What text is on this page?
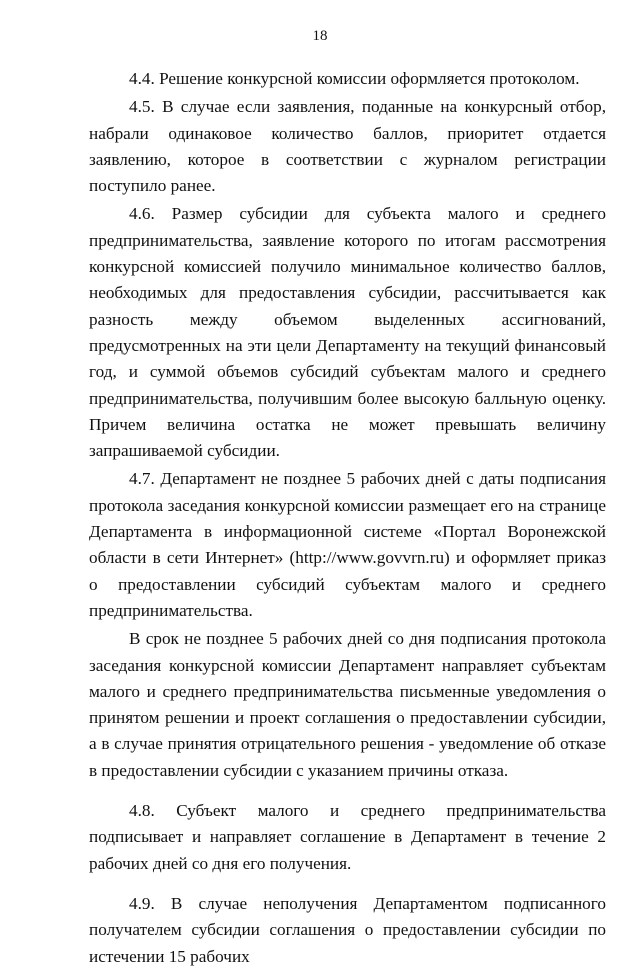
18

4.4. Решение конкурсной комиссии оформляется протоколом.

4.5. В случае если заявления, поданные на конкурсный отбор, набрали одинаковое количество баллов, приоритет отдается заявлению, которое в соответствии с журналом регистрации поступило ранее.

4.6. Размер субсидии для субъекта малого и среднего предпринимательства, заявление которого по итогам рассмотрения конкурсной комиссией получило минимальное количество баллов, необходимых для предоставления субсидии, рассчитывается как разность между объемом выделенных ассигнований, предусмотренных на эти цели Департаменту на текущий финансовый год, и суммой объемов субсидий субъектам малого и среднего предпринимательства, получившим более высокую балльную оценку. Причем величина остатка не может превышать величину запрашиваемой субсидии.

4.7. Департамент не позднее 5 рабочих дней с даты подписания протокола заседания конкурсной комиссии размещает его на странице Департамента в информационной системе «Портал Воронежской области в сети Интернет» (http://www.govvrn.ru) и оформляет приказ о предоставлении субсидий субъектам малого и среднего предпринимательства.

В срок не позднее 5 рабочих дней со дня подписания протокола заседания конкурсной комиссии Департамент направляет субъектам малого и среднего предпринимательства письменные уведомления о принятом решении и проект соглашения о предоставлении субсидии, а в случае принятия отрицательного решения - уведомление об отказе в предоставлении субсидии с указанием причины отказа.

4.8. Субъект малого и среднего предпринимательства подписывает и направляет соглашение в Департамент в течение 2 рабочих дней со дня его получения.

4.9. В случае неполучения Департаментом подписанного получателем субсидии соглашения о предоставлении субсидии по истечении 15 рабочих
